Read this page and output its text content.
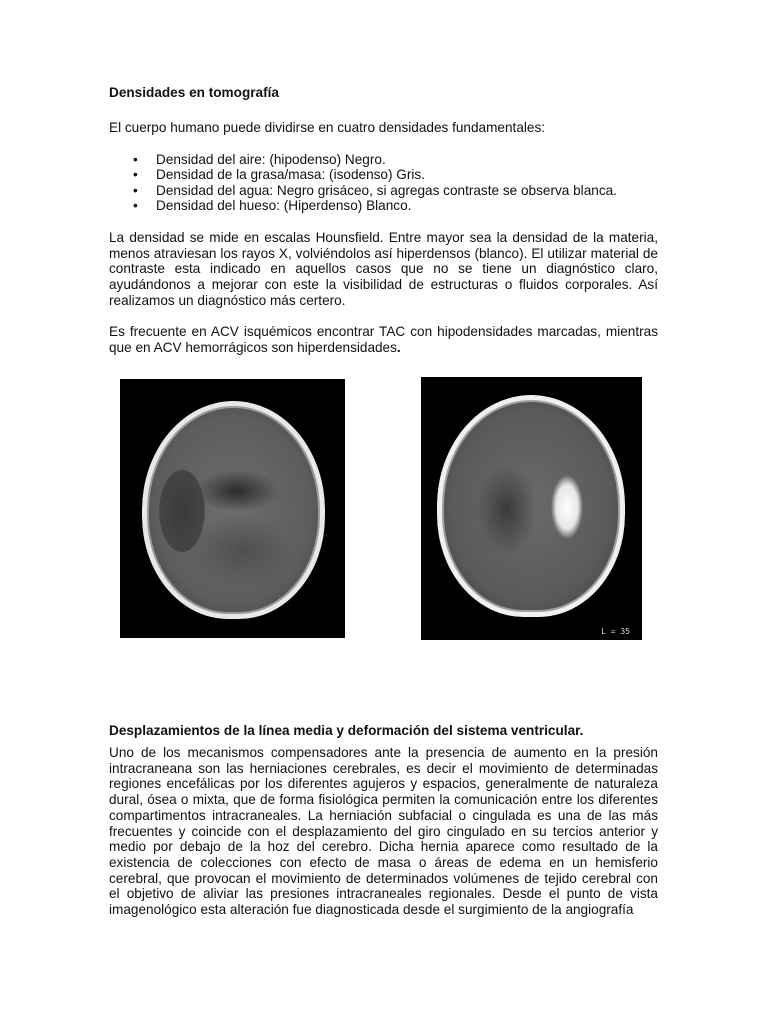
Densidades en tomografía

El cuerpo humano puede dividirse en cuatro densidades fundamentales:

• Densidad del aire: (hipodenso) Negro.
• Densidad de la grasa/masa: (isodenso) Gris.
• Densidad del agua: Negro grisáceo, si agregas contraste se observa blanca.
• Densidad del hueso: (Hiperdenso) Blanco.

La densidad se mide en escalas Hounsfield. Entre mayor sea la densidad de la materia, menos atraviesan los rayos X, volviéndolos así hiperdensos (blanco). El utilizar material de contraste esta indicado en aquellos casos que no se tiene un diagnóstico claro, ayudándonos a mejorar con este la visibilidad de estructuras o fluidos corporales. Así realizamos un diagnóstico más certero.

Es frecuente en ACV isquémicos encontrar TAC con hipodensidades marcadas, mientras que en ACV hemorrágicos son hiperdensidades.

Desplazamientos de la línea media y deformación del sistema ventricular.

Uno de los mecanismos compensadores ante la presencia de aumento en la presión intracraneana son las herniaciones cerebrales, es decir el movimiento de determinadas regiones encefálicas por los diferentes agujeros y espacios, generalmente de naturaleza dural, ósea o mixta, que de forma fisiológica permiten la comunicación entre los diferentes compartimentos intracraneales. La herniación subfacial o cingulada es una de las más frecuentes y coincide con el desplazamiento del giro cingulado en su tercios anterior y medio por debajo de la hoz del cerebro. Dicha hernia aparece como resultado de la existencia de colecciones con efecto de masa o áreas de edema en un hemisferio cerebral, que provocan el movimiento de determinados volúmenes de tejido cerebral con el objetivo de aliviar las presiones intracraneales regionales. Desde el punto de vista imagenológico esta alteración fue diagnosticada desde el surgimiento de la angiografía

L = 35
